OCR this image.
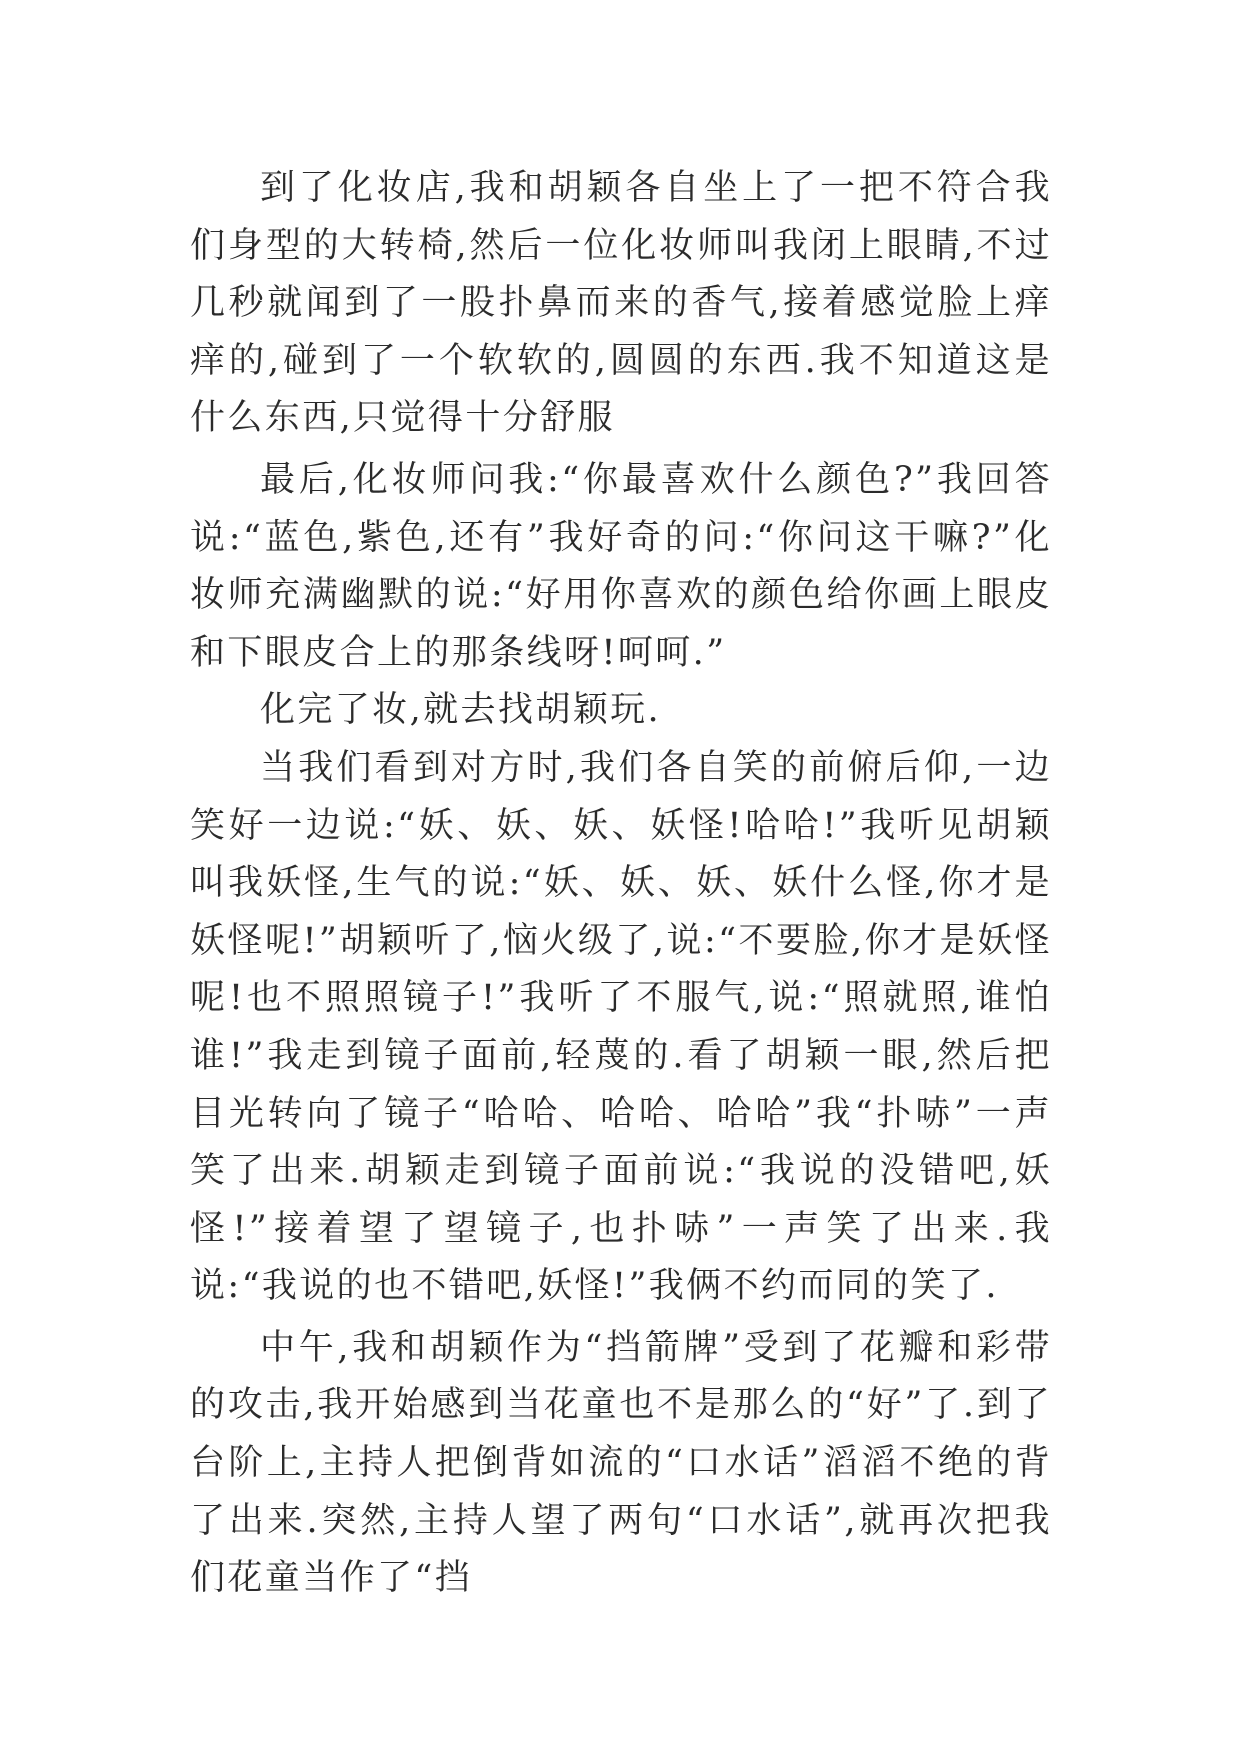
到了化妆店,我和胡颖各自坐上了一把不符合我们身型的大转椅,然后一位化妆师叫我闭上眼睛,不过几秒就闻到了一股扑鼻而来的香气,接着感觉脸上痒痒的,碰到了一个软软的,圆圆的东西.我不知道这是什么东西,只觉得十分舒服

最后,化妆师问我:“你最喜欢什么颜色?”我回答说:“蓝色,紫色,还有”我好奇的问:“你问这干嘛?”化妆师充满幽默的说:“好用你喜欢的颜色给你画上眼皮和下眼皮合上的那条线呀!呵呵.”

化完了妆,就去找胡颖玩.

当我们看到对方时,我们各自笑的前俯后仰,一边笑好一边说:“妖、妖、妖、妖怪!哈哈!”我听见胡颖叫我妖怪,生气的说:“妖、妖、妖、妖什么怪,你才是妖怪呢!”胡颖听了,恼火级了,说:“不要脸,你才是妖怪呢!也不照照镜子!”我听了不服气,说:“照就照,谁怕谁!”我走到镜子面前,轻蔑的.看了胡颖一眼,然后把目光转向了镜子“哈哈、哈哈、哈哈”我“扑哧”一声笑了出来.胡颖走到镜子面前说:“我说的没错吧,妖怪!”接着望了望镜子,也扑哧”一声笑了出来.我说:“我说的也不错吧,妖怪!”我俩不约而同的笑了.

中午,我和胡颖作为“挡箭牌”受到了花瓣和彩带的攻击,我开始感到当花童也不是那么的“好”了.到了台阶上,主持人把倒背如流的“口水话”滔滔不绝的背了出来.突然,主持人望了两句“口水话”,就再次把我们花童当作了“挡
